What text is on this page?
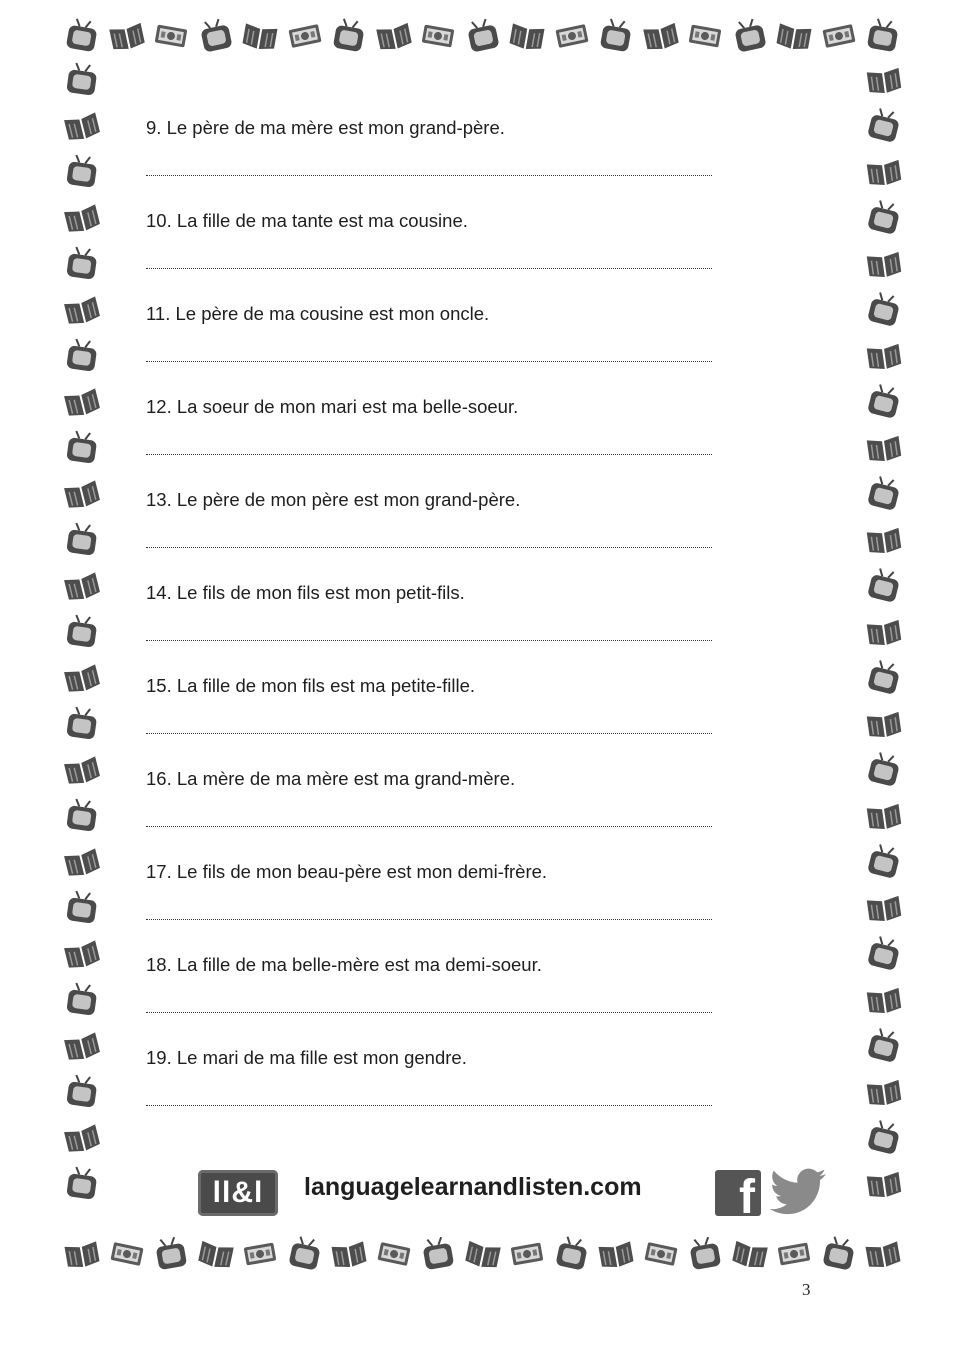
9. Le père de ma mère est mon grand-père.
10. La fille de ma tante est ma cousine.
11. Le père de ma cousine est mon oncle.
12. La soeur de mon mari est ma belle-soeur.
13. Le père de mon père est mon grand-père.
14. Le fils de mon fils est mon petit-fils.
15. La fille de mon fils est ma petite-fille.
16. La mère de ma mère est ma grand-mère.
17. Le fils de mon beau-père est mon demi-frère.
18. La fille de ma belle-mère est ma demi-soeur.
19. Le mari de ma fille est mon gendre.
ll&l languagelearnandlisten.com f
3
